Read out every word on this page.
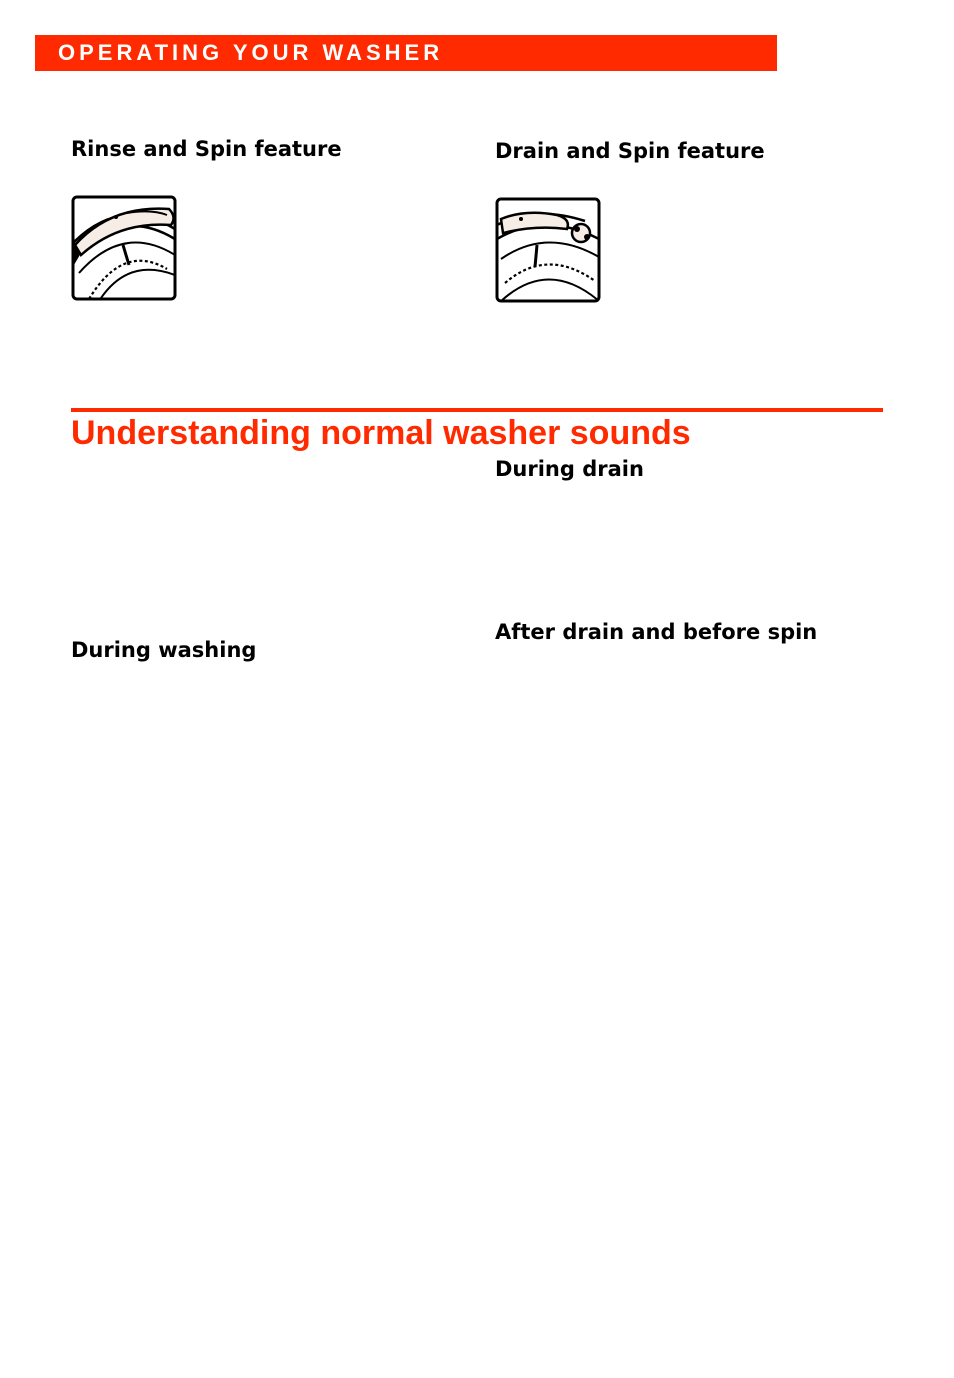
OPERATING YOUR WASHER
Rinse and Spin feature	Drain and Spin feature
Understanding normal washer sounds
During drain
After drain and before spin
During washing
